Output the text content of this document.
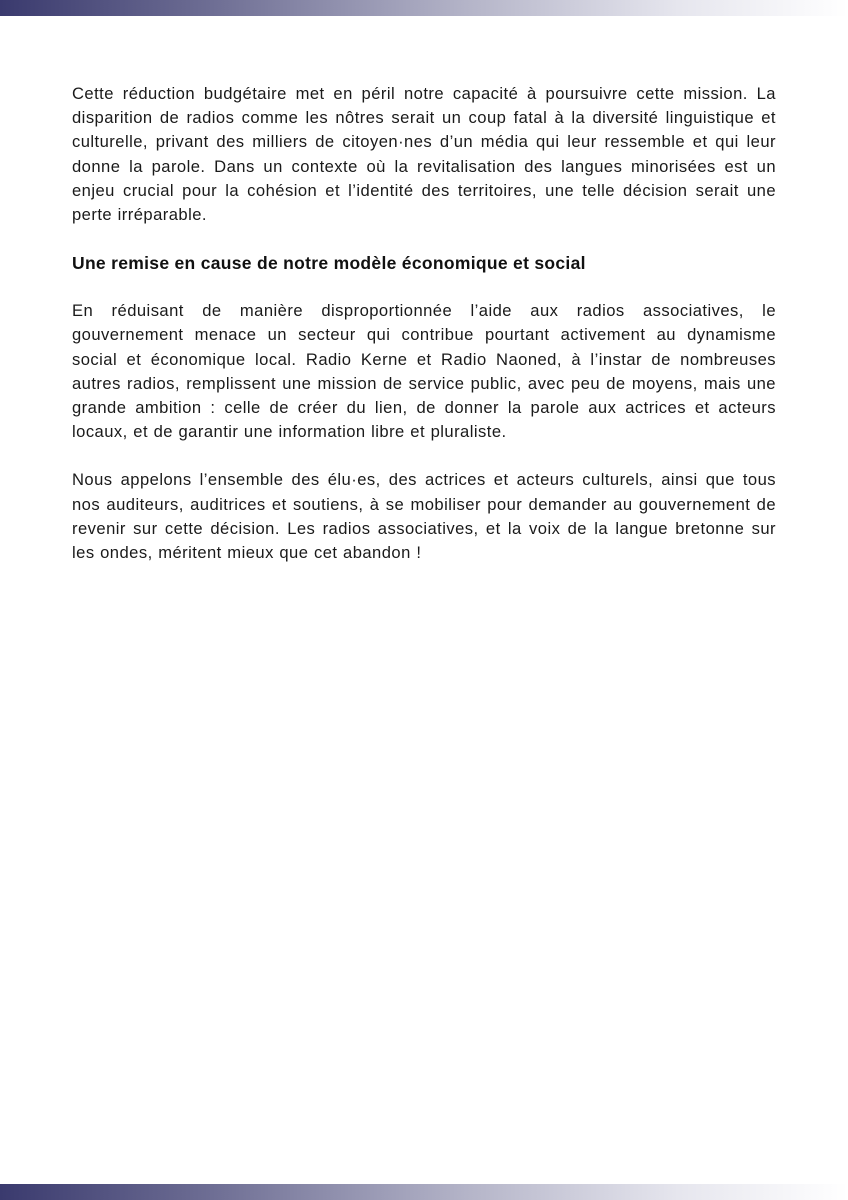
Cette réduction budgétaire met en péril notre capacité à poursuivre cette mission. La disparition de radios comme les nôtres serait un coup fatal à la diversité linguistique et culturelle, privant des milliers de citoyen·nes d’un média qui leur ressemble et qui leur donne la parole. Dans un contexte où la revitalisation des langues minorisées est un enjeu crucial pour la cohésion et l’identité des territoires, une telle décision serait une perte irréparable.

Une remise en cause de notre modèle économique et social

En réduisant de manière disproportionnée l’aide aux radios associatives, le gouvernement menace un secteur qui contribue pourtant activement au dynamisme social et économique local. Radio Kerne et Radio Naoned, à l’instar de nombreuses autres radios, remplissent une mission de service public, avec peu de moyens, mais une grande ambition : celle de créer du lien, de donner la parole aux actrices et acteurs locaux, et de garantir une information libre et pluraliste.

Nous appelons l’ensemble des élu·es, des actrices et acteurs culturels, ainsi que tous nos auditeurs, auditrices et soutiens, à se mobiliser pour demander au gouvernement de revenir sur cette décision. Les radios associatives, et la voix de la langue bretonne sur les ondes, méritent mieux que cet abandon !
